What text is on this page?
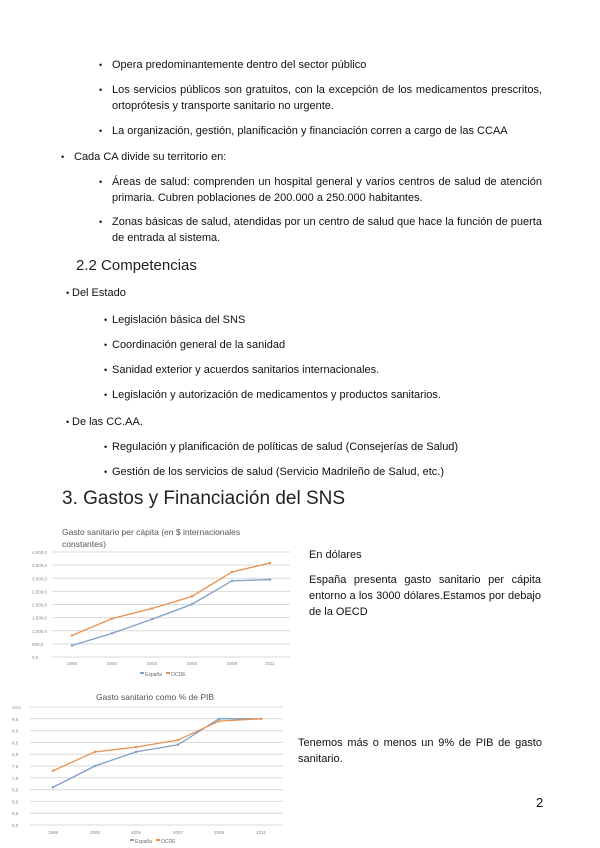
• Opera predominantemente dentro del sector público
• Los servicios públicos son gratuitos, con la excepción de los medicamentos prescritos, ortoprótesis y transporte sanitario no urgente.
• La organización, gestión, planificación y financiación corren a cargo de las CCAA
• Cada CA divide su territorio en:
• Áreas de salud: comprenden un hospital general y varios centros de salud de atención primaria. Cubren poblaciones de 200.000 a 250.000 habitantes.
• Zonas básicas de salud, atendidas por un centro de salud que hace la función de puerta de entrada al sistema.
2.2 Competencias
• Del Estado
• Legislación básica del SNS
• Coordinación general de la sanidad
• Sanidad exterior y acuerdos sanitarios internacionales.
• Legislación y autorización de medicamentos y productos sanitarios.
• De las CC.AA.
• Regulación y planificación de políticas de salud (Consejerías de Salud)
• Gestión de los servicios de salud (Servicio Madrileño de Salud, etc.)
3. Gastos y Financiación del SNS
Gasto sanitario per cápita (en $ internacionales
constantes)
0,0
500,0
1.000,0
1.500,0
2.000,0
2.500,0
3.000,0
3.500,0
4.000,0
1995	2000	2003	2006	2009	2011
España OCDE
Gasto sanitario como % de PIB
5,0
5,5
6,0
6,5
7,0
7,5
8,0
8,5
9,0
9,5
10,0
1995	2000	2005	2007	2009	2011
España OCDE
En dólares
España presenta gasto sanitario per cápita entorno a los 3000 dólares.Estamos por debajo de la OECD
Tenemos más o menos un 9% de PIB de gasto sanitario.
2
